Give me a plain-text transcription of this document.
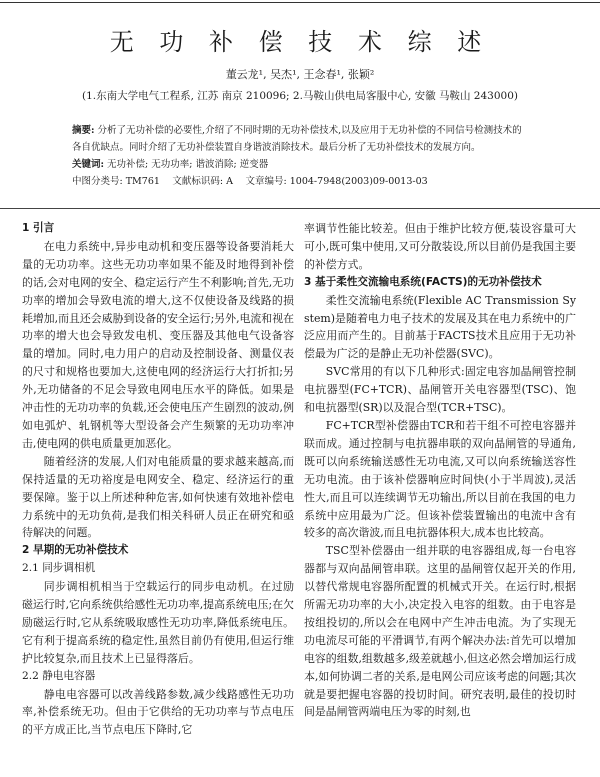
无 功 补 偿 技 术 综 述
董云龙¹, 吴杰¹, 王念春¹, 张颖²
(1.东南大学电气工程系, 江苏 南京 210096; 2.马鞍山供电局客服中心, 安徽 马鞍山 243000)
摘要: 分析了无功补偿的必要性,介绍了不同时期的无功补偿技术,以及应用于无功补偿的不同信号检测技术的各自优缺点。同时介绍了无功补偿装置自身谐波消除技术。最后分析了无功补偿技术的发展方向。
关键词: 无功补偿; 无功功率; 谐波消除; 逆变器
中图分类号: TM761　 文献标识码: A　 文章编号: 1004-7948(2003)09-0013-03
1 引言

在电力系统中,异步电动机和变压器等设备要消耗大量的无功功率。这些无功功率如果不能及时地得到补偿的话,会对电网的安全、稳定运行产生不利影响;首先,无功功率的增加会导致电流的增大,这不仅使设备及线路的损耗增加,而且还会威胁到设备的安全运行;另外,电流和视在功率的增大也会导致发电机、变压器及其他电气设备容量的增加。同时,电力用户的启动及控制设备、测量仪表的尺寸和规格也要加大,这使电网的经济运行大打折扣;另外,无功储备的不足会导致电网电压水平的降低。如果是冲击性的无功功率的负载,还会使电压产生剧烈的波动,例如电弧炉、轧钢机等大型设备会产生频繁的无功功率冲击,使电网的供电质量更加恶化。

随着经济的发展,人们对电能质量的要求越来越高,而保持适量的无功裕度是电网安全、稳定、经济运行的重要保障。鉴于以上所述种种危害,如何快速有效地补偿电力系统中的无功负荷,是我们相关科研人员正在研究和亟待解决的问题。

2 早期的无功补偿技术
2.1 同步调相机

同步调相机相当于空载运行的同步电动机。在过励磁运行时,它向系统供给感性无功功率,提高系统电压;在欠励磁运行时,它从系统吸取感性无功功率,降低系统电压。它有利于提高系统的稳定性,虽然目前仍有使用,但运行维护比较复杂,而且技术上已显得落后。

2.2 静电电容器

静电电容器可以改善线路参数,减少线路感性无功功率,补偿系统无功。但由于它供给的无功功率与节点电压的平方成正比,当节点电压下降时,它

率调节性能比较差。但由于维护比较方便,装设容量可大可小,既可集中使用,又可分散装设,所以目前仍是我国主要的补偿方式。

3 基于柔性交流输电系统(FACTS)的无功补偿技术

柔性交流输电系统(Flexible AC Transmission System)是随着电力电子技术的发展及其在电力系统中的广泛应用而产生的。目前基于FACTS技术且应用于无功补偿最为广泛的是静止无功补偿器(SVC)。

SVC常用的有以下几种形式:固定电容加晶闸管控制电抗器型(FC+TCR)、晶闸管开关电容器型(TSC)、饱和电抗器型(SR)以及混合型(TCR+TSC)。

FC+TCR型补偿器由TCR和若干组不可控电容器并联而成。通过控制与电抗器串联的双向晶闸管的导通角,既可以向系统输送感性无功电流,又可以向系统输送容性无功电流。由于该补偿器响应时间快(小于半周波),灵活性大,而且可以连续调节无功输出,所以目前在我国的电力系统中应用最为广泛。但该补偿装置输出的电流中含有较多的高次谐波,而且电抗器体积大,成本也比较高。

TSC型补偿器由一组并联的电容器组成,每一台电容器都与双向晶闸管串联。这里的晶闸管仅起开关的作用,以替代常规电容器所配置的机械式开关。在运行时,根据所需无功功率的大小,决定投入电容的组数。由于电容是按组投切的,所以会在电网中产生冲击电流。为了实现无功电流尽可能的平滑调节,有两个解决办法:首先可以增加电容的组数,组数越多,级差就越小,但这必然会增加运行成本,如何协调二者的关系,是电网公司应该考虑的问题;其次就是要把握电容器的投切时间。研究表明,最佳的投切时间是晶闸管两端电压为零的时刻,也
